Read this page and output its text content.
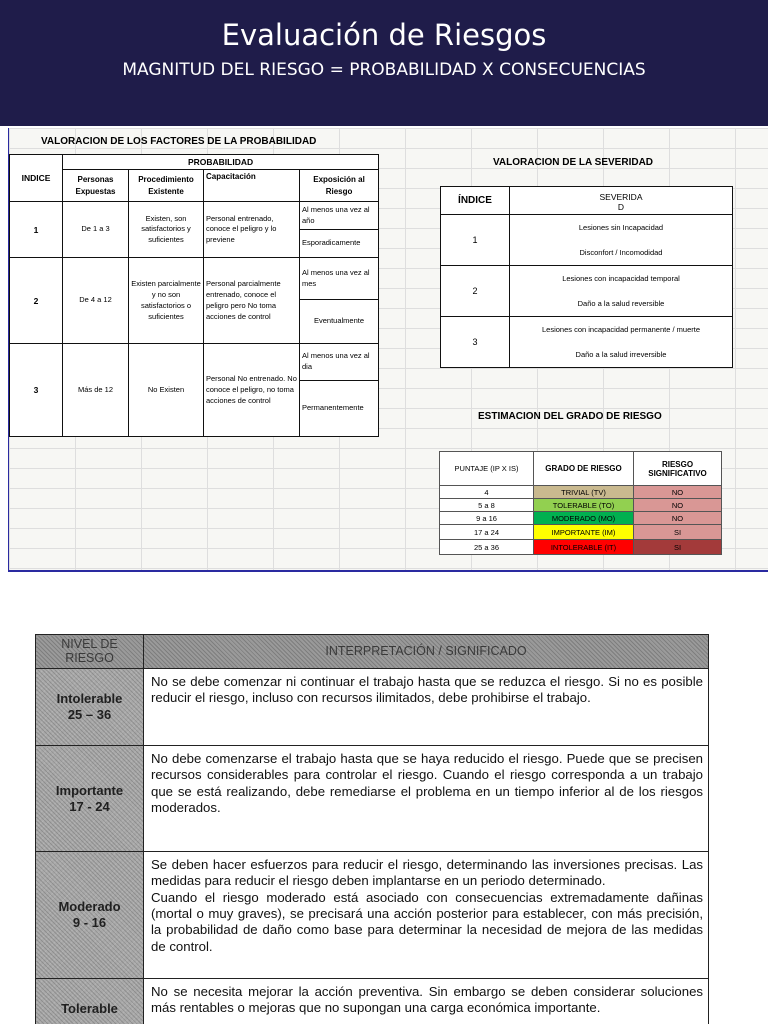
Evaluación de Riesgos
MAGNITUD DEL RIESGO = PROBABILIDAD X CONSECUENCIAS
VALORACION DE LOS FACTORES DE LA PROBABILIDAD
INDICE	PROBABILIDAD			
	Personas Expuestas	Procedimiento Existente	Capacitación	Exposición al Riesgo
1	De 1 a 3	Existen, son satisfactorios y suficientes	Personal entrenado, conoce el peligro y lo previene	Al menos una vez al año
				Esporadicamente
2	De 4 a 12	Existen parcialmente y no son satisfactorios o suficientes	Personal parcialmente entrenado, conoce el peligro pero No toma acciones de control	Al menos una vez al mes
				Eventualmente
3	Más de 12	No Existen	Personal No entrenado. No conoce el peligro, no toma acciones de control	Al menos una vez al dia
				Permanentemente
VALORACION DE LA SEVERIDAD
ÍNDICE	SEVERIDA
D
1	Lesiones sin Incapacidad
Disconfort / Incomodidad

2	Lesiones con incapacidad temporal
Daño a la salud reversible

3	Lesiones con incapacidad permanente / muerte
Daño a la salud irreversible
ESTIMACION DEL GRADO DE RIESGO
PUNTAJE (IP X IS)	GRADO DE RIESGO	RIESGO SIGNIFICATIVO
4	TRIVIAL (TV)	NO
5 a 8	TOLERABLE (TO)	NO
9 a 16	MODERADO (MO)	NO
17 a 24	IMPORTANTE (IM)	SI
25 a 36	INTOLERABLE (IT)	SI
NIVEL DE
RIESGO	INTERPRETACIÓN / SIGNIFICADO

Intolerable
25 – 36	No se debe comenzar ni continuar el trabajo hasta que se reduzca el riesgo. Si no es posible reducir el riesgo, incluso con recursos ilimitados, debe prohibirse el trabajo.
Importante
17 - 24	No debe comenzarse el trabajo hasta que se haya reducido el riesgo. Puede que se precisen recursos considerables para controlar el riesgo. Cuando el riesgo corresponda a un trabajo que se está realizando, debe remediarse el problema en un tiempo inferior al de los riesgos moderados.
Moderado
9 - 16	Se deben hacer esfuerzos para reducir el riesgo, determinando las inversiones precisas. Las medidas para reducir el riesgo deben implantarse en un periodo determinado.
Cuando el riesgo moderado está asociado con consecuencias extremadamente dañinas (mortal o muy graves), se precisará una acción posterior para establecer, con más precisión, la probabilidad de daño como base para determinar la necesidad de mejora de las medidas de control.
Tolerable	No se necesita mejorar la acción preventiva. Sin embargo se deben considerar soluciones más rentables o mejoras que no supongan una carga económica importante.
